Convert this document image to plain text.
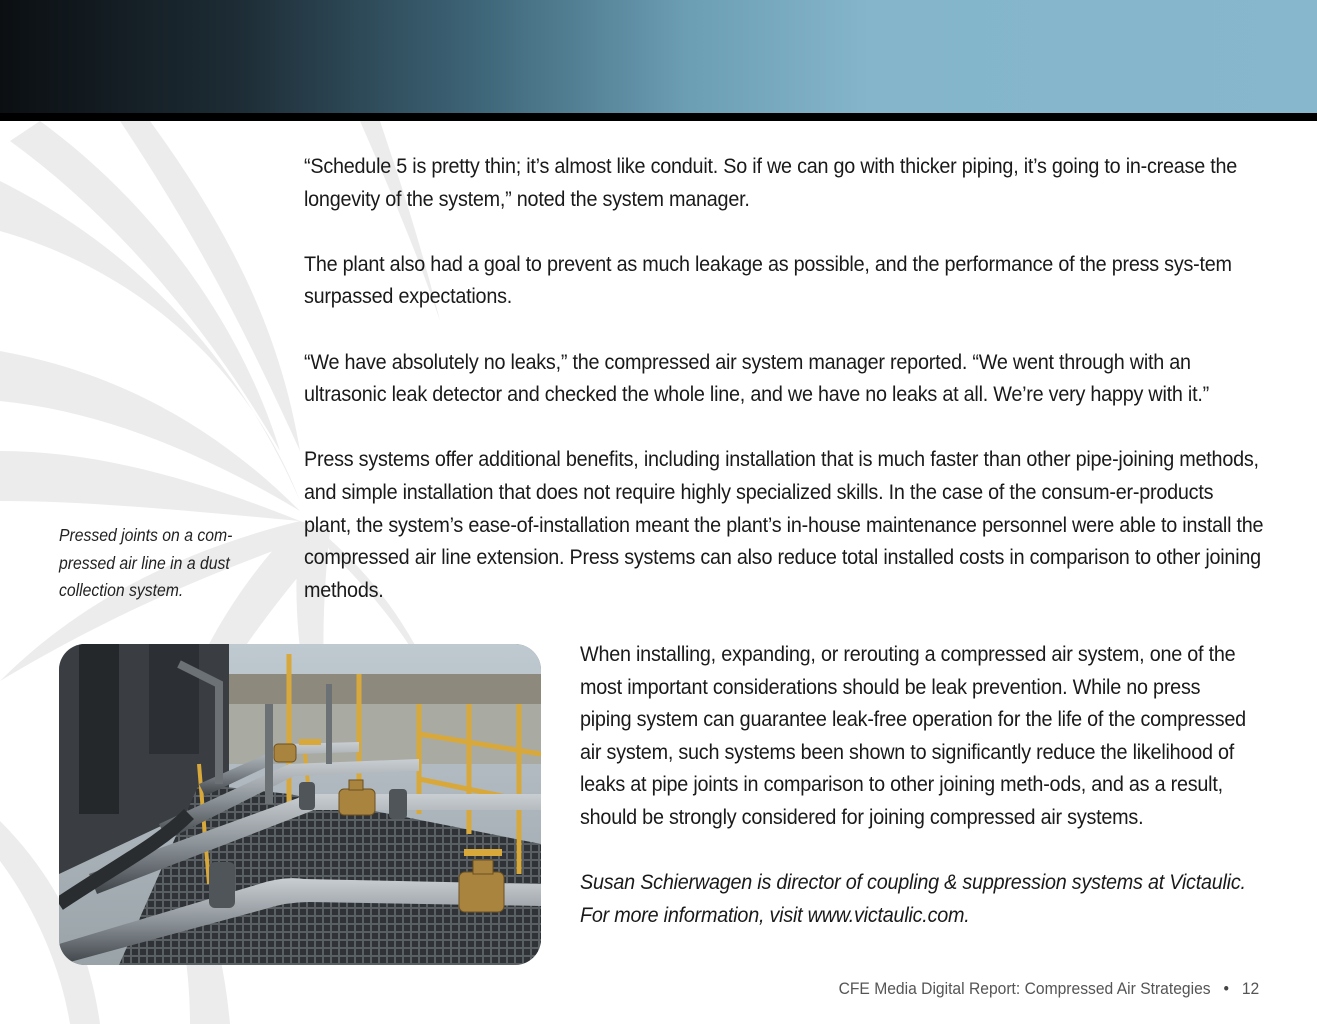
“Schedule 5 is pretty thin; it’s almost like conduit. So if we can go with thicker piping, it’s going to in-crease the longevity of the system,” noted the system manager.

The plant also had a goal to prevent as much leakage as possible, and the performance of the press sys-tem surpassed expectations.

“We have absolutely no leaks,” the compressed air system manager reported. “We went through with an ultrasonic leak detector and checked the whole line, and we have no leaks at all. We’re very happy with it.”

Press systems offer additional benefits, including installation that is much faster than other pipe-joining methods, and simple installation that does not require highly specialized skills. In the case of the consum-er-products plant, the system’s ease-of-installation meant the plant’s in-house maintenance personnel were able to install the compressed air line extension. Press systems can also reduce total installed costs in comparison to other joining methods.

Pressed joints on a com-pressed air line in a dust collection system.

When installing, expanding, or rerouting a compressed air system, one of the most important considerations should be leak prevention. While no press piping system can guarantee leak-free operation for the life of the compressed air system, such systems been shown to significantly reduce the likelihood of leaks at pipe joints in comparison to other joining meth-ods, and as a result, should be strongly considered for joining compressed air systems.

Susan Schierwagen is director of coupling & suppression systems at Victaulic. For more information, visit www.victaulic.com.

CFE Media Digital Report: Compressed Air Strategies • 12
